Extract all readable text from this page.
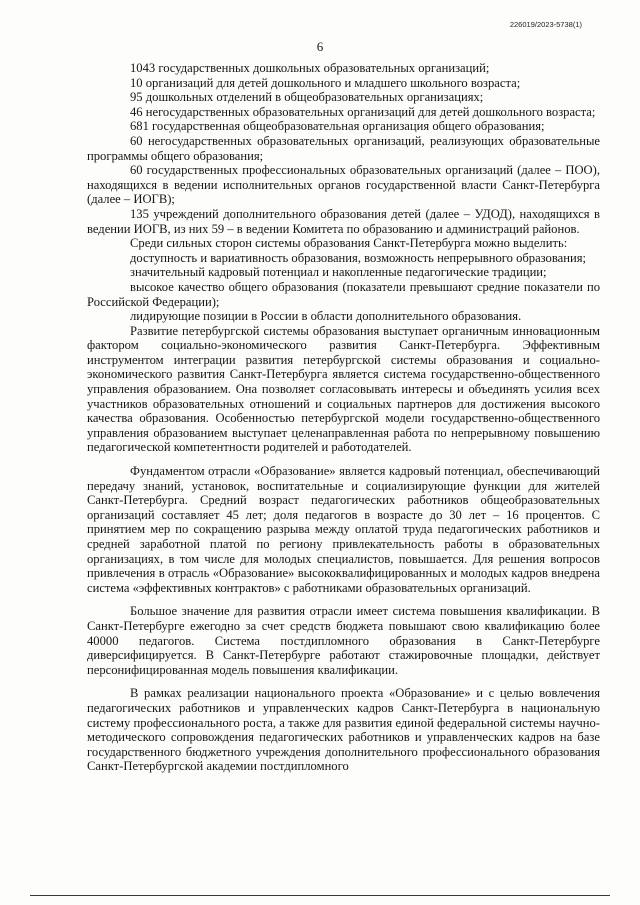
226019/2023-5738(1)
6

1043 государственных дошкольных образовательных организаций;

10 организаций для детей дошкольного и младшего школьного возраста;

95 дошкольных отделений в общеобразовательных организациях;

46 негосударственных образовательных организаций для детей дошкольного возраста;

681 государственная общеобразовательная организация общего образования;

60 негосударственных образовательных организаций, реализующих образовательные программы общего образования;

60 государственных профессиональных образовательных организаций (далее – ПОО), находящихся в ведении исполнительных органов государственной власти Санкт-Петербурга (далее – ИОГВ);

135 учреждений дополнительного образования детей (далее – УДОД), находящихся в ведении ИОГВ, из них 59 – в ведении Комитета по образованию и администраций районов.

Среди сильных сторон системы образования Санкт-Петербурга можно выделить:

доступность и вариативность образования, возможность непрерывного образования;

значительный кадровый потенциал и накопленные педагогические традиции;

высокое качество общего образования (показатели превышают средние показатели по Российской Федерации);

лидирующие позиции в России в области дополнительного образования.

Развитие петербургской системы образования выступает органичным инновационным фактором социально-экономического развития Санкт-Петербурга. Эффективным инструментом интеграции развития петербургской системы образования и социально-экономического развития Санкт-Петербурга является система государственно-общественного управления образованием. Она позволяет согласовывать интересы и объединять усилия всех участников образовательных отношений и социальных партнеров для достижения высокого качества образования. Особенностью петербургской модели государственно-общественного управления образованием выступает целенаправленная работа по непрерывному повышению педагогической компетентности родителей и работодателей.

Фундаментом отрасли «Образование» является кадровый потенциал, обеспечивающий передачу знаний, установок, воспитательные и социализирующие функции для жителей Санкт-Петербурга. Средний возраст педагогических работников общеобразовательных организаций составляет 45 лет; доля педагогов в возрасте до 30 лет – 16 процентов. С принятием мер по сокращению разрыва между оплатой труда педагогических работников и средней заработной платой по региону привлекательность работы в образовательных организациях, в том числе для молодых специалистов, повышается. Для решения вопросов привлечения в отрасль «Образование» высококвалифицированных и молодых кадров внедрена система «эффективных контрактов» с работниками образовательных организаций.

Большое значение для развития отрасли имеет система повышения квалификации. В Санкт-Петербурге ежегодно за счет средств бюджета повышают свою квалификацию более 40000 педагогов. Система постдипломного образования в Санкт-Петербурге диверсифицируется. В Санкт-Петербурге работают стажировочные площадки, действует персонифицированная модель повышения квалификации.

В рамках реализации национального проекта «Образование» и с целью вовлечения педагогических работников и управленческих кадров Санкт-Петербурга в национальную систему профессионального роста, а также для развития единой федеральной системы научно-методического сопровождения педагогических работников и управленческих кадров на базе государственного бюджетного учреждения дополнительного профессионального образования Санкт-Петербургской академии постдипломного
